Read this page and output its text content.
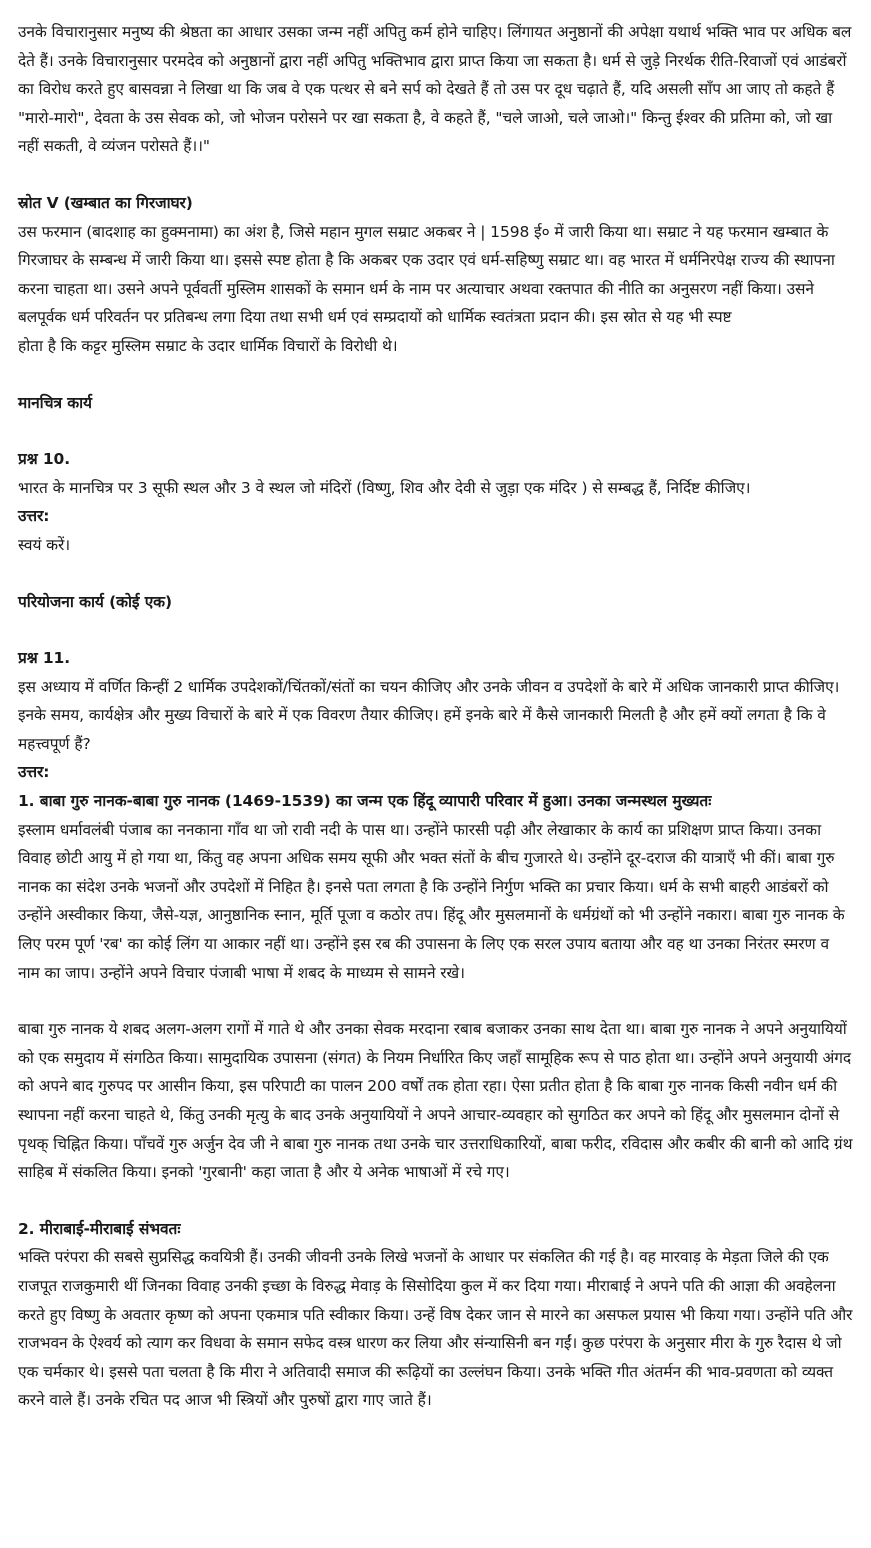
उनके विचारानुसार मनुष्य की श्रेष्ठता का आधार उसका जन्म नहीं अपितु कर्म होने चाहिए। लिंगायत अनुष्ठानों की अपेक्षा यथार्थ भक्ति भाव पर अधिक बल देते हैं। उनके विचारानुसार परमदेव को अनुष्ठानों द्वारा नहीं अपितु भक्तिभाव द्वारा प्राप्त किया जा सकता है। धर्म से जुड़े निरर्थक रीति-रिवाजों एवं आडंबरों का विरोध करते हुए बासवन्ना ने लिखा था कि जब वे एक पत्थर से बने सर्प को देखते हैं तो उस पर दूध चढ़ाते हैं, यदि असली साँप आ जाए तो कहते हैं "मारो-मारो", देवता के उस सेवक को, जो भोजन परोसने पर खा सकता है, वे कहते हैं, "चले जाओ, चले जाओ।" किन्तु ईश्वर की प्रतिमा को, जो खा नहीं सकती, वे व्यंजन परोसते हैं।।"

स्रोत V (खम्बात का गिरजाघर)

उस फरमान (बादशाह का हुक्मनामा) का अंश है, जिसे महान मुगल सम्राट अकबर ने | 1598 ई० में जारी किया था। सम्राट ने यह फरमान खम्बात के गिरजाघर के सम्बन्ध में जारी किया था। इससे स्पष्ट होता है कि अकबर एक उदार एवं धर्म-सहिष्णु सम्राट था। वह भारत में धर्मनिरपेक्ष राज्य की स्थापना करना चाहता था। उसने अपने पूर्ववर्ती मुस्लिम शासकों के समान धर्म के नाम पर अत्याचार अथवा रक्तपात की नीति का अनुसरण नहीं किया। उसने बलपूर्वक धर्म परिवर्तन पर प्रतिबन्ध लगा दिया तथा सभी धर्म एवं सम्प्रदायों को धार्मिक स्वतंत्रता प्रदान की। इस स्रोत से यह भी स्पष्ट

होता है कि कट्टर मुस्लिम सम्राट के उदार धार्मिक विचारों के विरोधी थे।

मानचित्र कार्य

प्रश्न 10.

भारत के मानचित्र पर 3 सूफी स्थल और 3 वे स्थल जो मंदिरों (विष्णु, शिव और देवी से जुड़ा एक मंदिर ) से सम्बद्ध हैं, निर्दिष्ट कीजिए।

उत्तर:

स्वयं करें।

परियोजना कार्य (कोई एक)

प्रश्न 11.

इस अध्याय में वर्णित किन्हीं 2 धार्मिक उपदेशकों/चिंतकों/संतों का चयन कीजिए और उनके जीवन व उपदेशों के बारे में अधिक जानकारी प्राप्त कीजिए। इनके समय, कार्यक्षेत्र और मुख्य विचारों के बारे में एक विवरण तैयार कीजिए। हमें इनके बारे में कैसे जानकारी मिलती है और हमें क्यों लगता है कि वे महत्त्वपूर्ण हैं?

उत्तर:

1. बाबा गुरु नानक-बाबा गुरु नानक (1469-1539) का जन्म एक हिंदू व्यापारी परिवार में हुआ। उनका जन्मस्थल मुख्यतः

इस्लाम धर्मावलंबी पंजाब का ननकाना गाँव था जो रावी नदी के पास था। उन्होंने फारसी पढ़ी और लेखाकार के कार्य का प्रशिक्षण प्राप्त किया। उनका विवाह छोटी आयु में हो गया था, किंतु वह अपना अधिक समय सूफी और भक्त संतों के बीच गुजारते थे। उन्होंने दूर-दराज की यात्राएँ भी कीं। बाबा गुरु नानक का संदेश उनके भजनों और उपदेशों में निहित है। इनसे पता लगता है कि उन्होंने निर्गुण भक्ति का प्रचार किया। धर्म के सभी बाहरी आडंबरों को उन्होंने अस्वीकार किया, जैसे-यज्ञ, आनुष्ठानिक स्नान, मूर्ति पूजा व कठोर तप। हिंदू और मुसलमानों के धर्मग्रंथों को भी उन्होंने नकारा। बाबा गुरु नानक के लिए परम पूर्ण 'रब' का कोई लिंग या आकार नहीं था। उन्होंने इस रब की उपासना के लिए एक सरल उपाय बताया और वह था उनका निरंतर स्मरण व नाम का जाप। उन्होंने अपने विचार पंजाबी भाषा में शबद के माध्यम से सामने रखे।

बाबा गुरु नानक ये शबद अलग-अलग रागों में गाते थे और उनका सेवक मरदाना रबाब बजाकर उनका साथ देता था। बाबा गुरु नानक ने अपने अनुयायियों को एक समुदाय में संगठित किया। सामुदायिक उपासना (संगत) के नियम निर्धारित किए जहाँ सामूहिक रूप से पाठ होता था। उन्होंने अपने अनुयायी अंगद को अपने बाद गुरुपद पर आसीन किया, इस परिपाटी का पालन 200 वर्षों तक होता रहा। ऐसा प्रतीत होता है कि बाबा गुरु नानक किसी नवीन धर्म की स्थापना नहीं करना चाहते थे, किंतु उनकी मृत्यु के बाद उनके अनुयायियों ने अपने आचार-व्यवहार को सुगठित कर अपने को हिंदू और मुसलमान दोनों से पृथक् चिह्नित किया। पाँचवें गुरु अर्जुन देव जी ने बाबा गुरु नानक तथा उनके चार उत्तराधिकारियों, बाबा फरीद, रविदास और कबीर की बानी को आदि ग्रंथ साहिब में संकलित किया। इनको 'गुरबानी' कहा जाता है और ये अनेक भाषाओं में रचे गए।

2. मीराबाई-मीराबाई संभवतः

भक्ति परंपरा की सबसे सुप्रसिद्ध कवयित्री हैं। उनकी जीवनी उनके लिखे भजनों के आधार पर संकलित की गई है। वह मारवाड़ के मेड़ता जिले की एक राजपूत राजकुमारी थीं जिनका विवाह उनकी इच्छा के विरुद्ध मेवाड़ के सिसोदिया कुल में कर दिया गया। मीराबाई ने अपने पति की आज्ञा की अवहेलना करते हुए विष्णु के अवतार कृष्ण को अपना एकमात्र पति स्वीकार किया। उन्हें विष देकर जान से मारने का असफल प्रयास भी किया गया। उन्होंने पति और राजभवन के ऐश्वर्य को त्याग कर विधवा के समान सफेद वस्त्र धारण कर लिया और संन्यासिनी बन गईं। कुछ परंपरा के अनुसार मीरा के गुरु रैदास थे जो एक चर्मकार थे। इससे पता चलता है कि मीरा ने अतिवादी समाज की रूढ़ियों का उल्लंघन किया। उनके भक्ति गीत अंतर्मन की भाव-प्रवणता को व्यक्त करने वाले हैं। उनके रचित पद आज भी स्त्रियों और पुरुषों द्वारा गाए जाते हैं।
